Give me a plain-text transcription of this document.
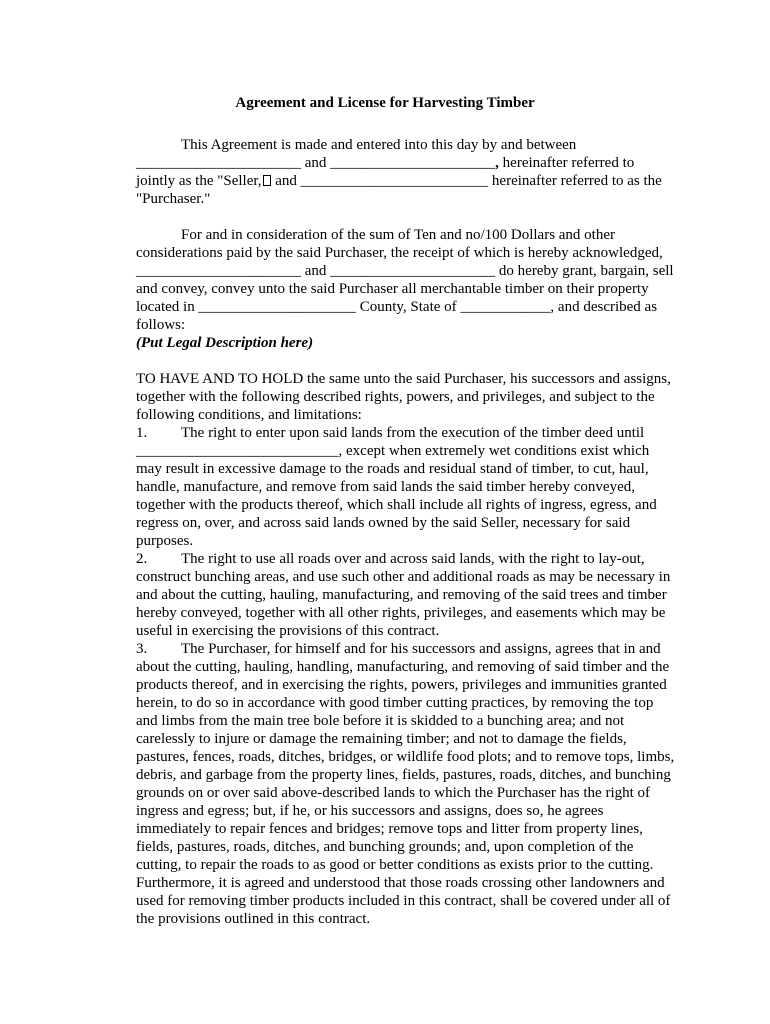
Agreement and License for Harvesting Timber
This Agreement is made and entered into this day by and between
______________________ and ______________________, hereinafter referred to
jointly as the "Seller, and _________________________ hereinafter referred to as the
"Purchaser."
For and in consideration of the sum of Ten and no/100 Dollars and other
considerations paid by the said Purchaser, the receipt of which is hereby acknowledged,
______________________ and ______________________ do hereby grant, bargain, sell
and convey, convey unto the said Purchaser all merchantable timber on their property
located in _____________________ County, State of ____________, and described as
follows:
(Put Legal Description here)
TO HAVE AND TO HOLD the same unto the said Purchaser, his successors and assigns,
together with the following described rights, powers, and privileges, and subject to the
following conditions, and limitations:
1. The right to enter upon said lands from the execution of the timber deed until
___________________________, except when extremely wet conditions exist which
may result in excessive damage to the roads and residual stand of timber, to cut, haul,
handle, manufacture, and remove from said lands the said timber hereby conveyed,
together with the products thereof, which shall include all rights of ingress, egress, and
regress on, over, and across said lands owned by the said Seller, necessary for said
purposes.
2. The right to use all roads over and across said lands, with the right to lay-out,
construct bunching areas, and use such other and additional roads as may be necessary in
and about the cutting, hauling, manufacturing, and removing of the said trees and timber
hereby conveyed, together with all other rights, privileges, and easements which may be
useful in exercising the provisions of this contract.
3. The Purchaser, for himself and for his successors and assigns, agrees that in and
about the cutting, hauling, handling, manufacturing, and removing of said timber and the
products thereof, and in exercising the rights, powers, privileges and immunities granted
herein, to do so in accordance with good timber cutting practices, by removing the top
and limbs from the main tree bole before it is skidded to a bunching area; and not
carelessly to injure or damage the remaining timber; and not to damage the fields,
pastures, fences, roads, ditches, bridges, or wildlife food plots; and to remove tops, limbs,
debris, and garbage from the property lines, fields, pastures, roads, ditches, and bunching
grounds on or over said above-described lands to which the Purchaser has the right of
ingress and egress; but, if he, or his successors and assigns, does so, he agrees
immediately to repair fences and bridges; remove tops and litter from property lines,
fields, pastures, roads, ditches, and bunching grounds; and, upon completion of the
cutting, to repair the roads to as good or better conditions as exists prior to the cutting.
Furthermore, it is agreed and understood that those roads crossing other landowners and
used for removing timber products included in this contract, shall be covered under all of
the provisions outlined in this contract.
